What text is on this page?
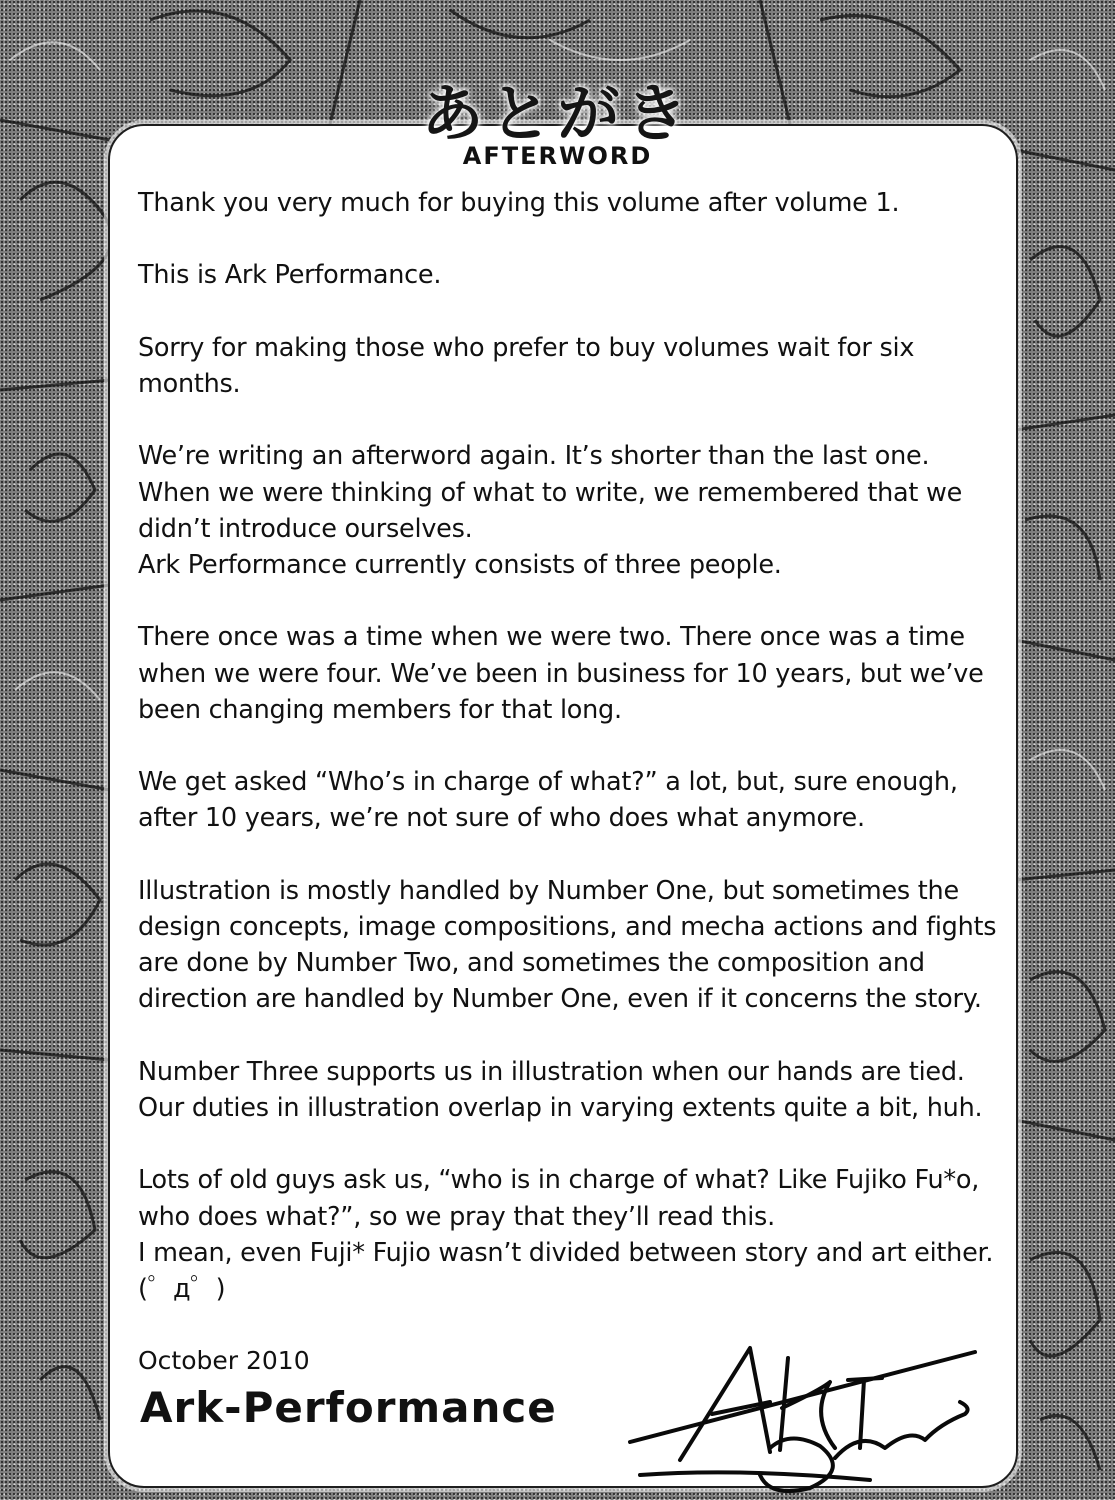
あとがき
AFTERWORD

Thank you very much for buying this volume after volume 1.

This is Ark Performance.

Sorry for making those who prefer to buy volumes wait for six
months.

We’re writing an afterword again. It’s shorter than the last one.
When we were thinking of what to write, we remembered that we
didn’t introduce ourselves.
Ark Performance currently consists of three people.

There once was a time when we were two. There once was a time
when we were four. We’ve been in business for 10 years, but we’ve
been changing members for that long.

We get asked “Who’s in charge of what?” a lot, but, sure enough,
after 10 years, we’re not sure of who does what anymore.

Illustration is mostly handled by Number One, but sometimes the
design concepts, image compositions, and mecha actions and fights
are done by Number Two, and sometimes the composition and
direction are handled by Number One, even if it concerns the story.

Number Three supports us in illustration when our hands are tied.
Our duties in illustration overlap in varying extents quite a bit, huh.

Lots of old guys ask us, “who is in charge of what? Like Fujiko Fu*o,
who does what?”, so we pray that they’ll read this.
I mean, even Fuji* Fujio wasn’t divided between story and art either.
(゜д゜)

October 2010
Ark-Performance
